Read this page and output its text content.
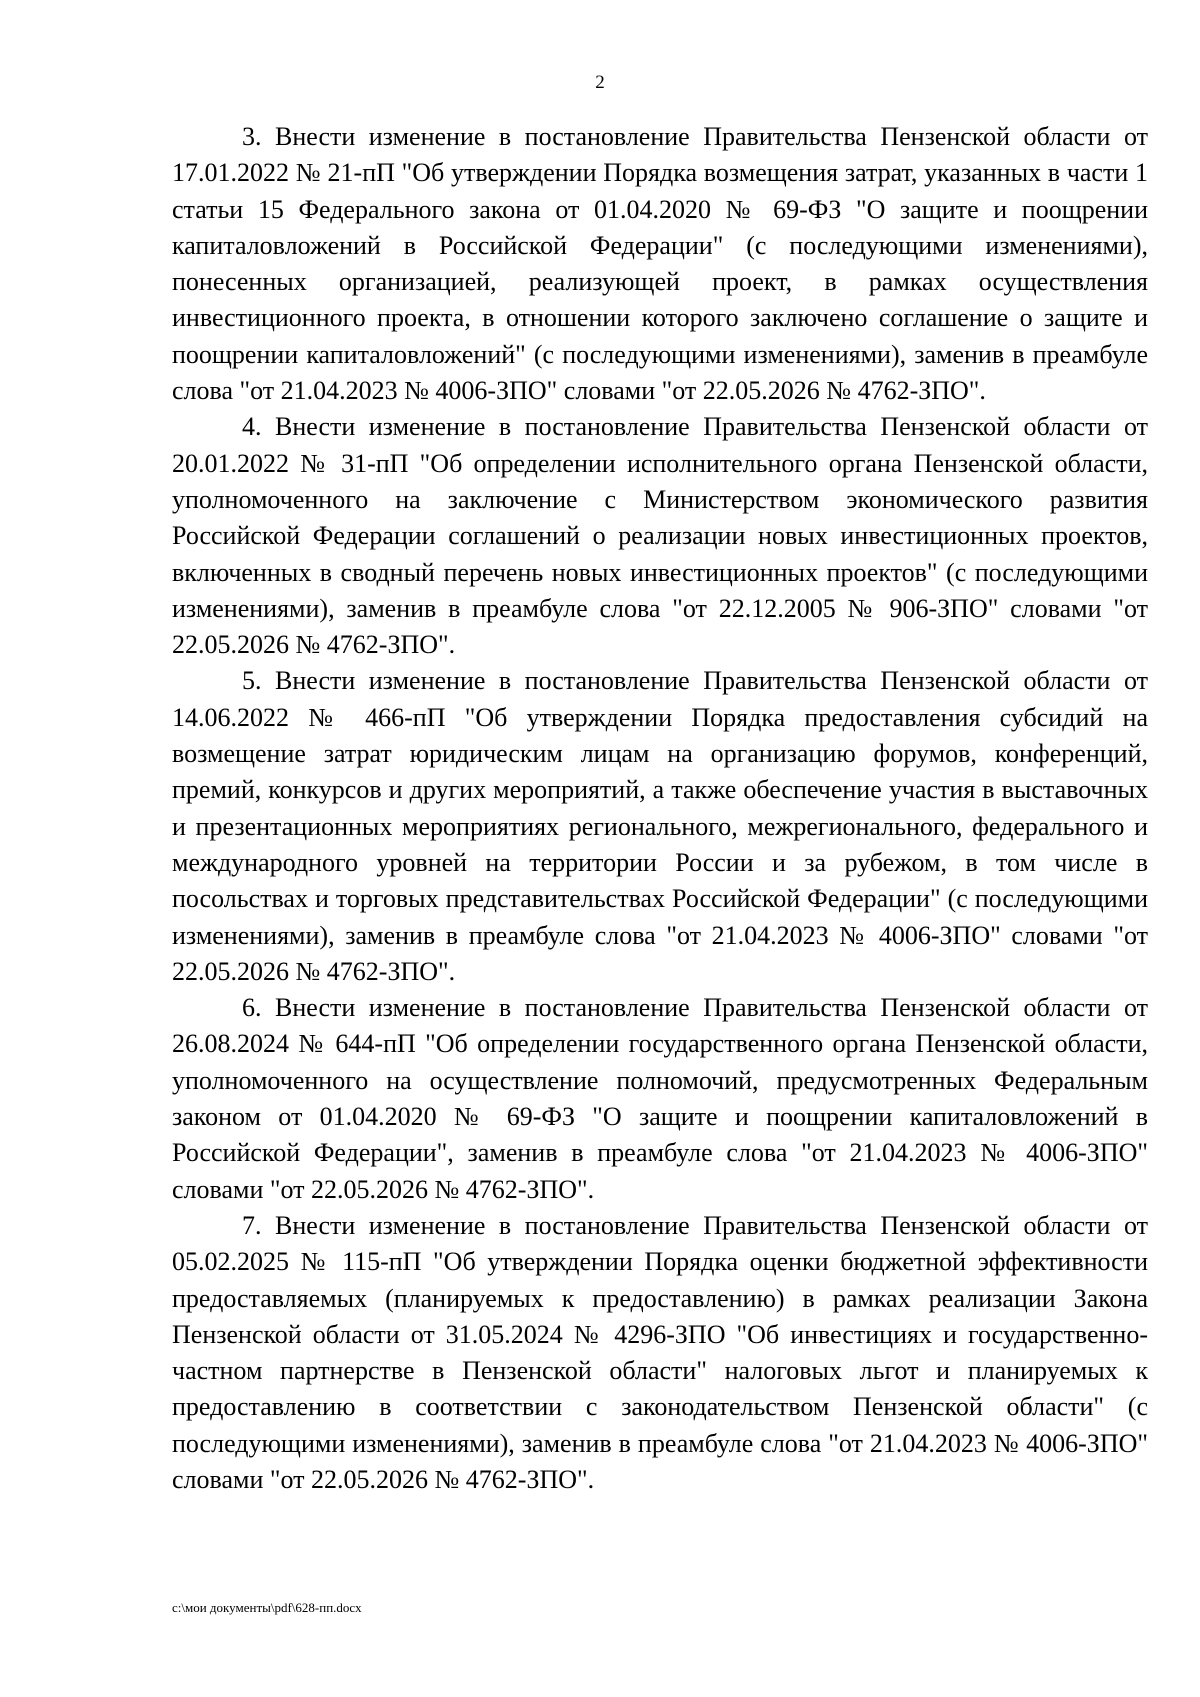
2

3. Внести изменение в постановление Правительства Пензенской области от 17.01.2022 № 21-пП "Об утверждении Порядка возмещения затрат, указанных в части 1 статьи 15 Федерального закона от 01.04.2020 № 69-ФЗ "О защите и поощрении капиталовложений в Российской Федерации" (с последующими изменениями), понесенных организацией, реализующей проект, в рамках осуществления инвестиционного проекта, в отношении которого заключено соглашение о защите и поощрении капиталовложений" (с последующими изменениями), заменив в преамбуле слова "от 21.04.2023 № 4006-ЗПО" словами "от 22.05.2026 № 4762-ЗПО".

4. Внести изменение в постановление Правительства Пензенской области от 20.01.2022 № 31-пП "Об определении исполнительного органа Пензенской области, уполномоченного на заключение с Министерством экономического развития Российской Федерации соглашений о реализации новых инвестиционных проектов, включенных в сводный перечень новых инвестиционных проектов" (с последующими изменениями), заменив в преамбуле слова "от 22.12.2005 № 906-ЗПО" словами "от 22.05.2026 № 4762-ЗПО".

5. Внести изменение в постановление Правительства Пензенской области от 14.06.2022 № 466-пП "Об утверждении Порядка предоставления субсидий на возмещение затрат юридическим лицам на организацию форумов, конференций, премий, конкурсов и других мероприятий, а также обеспечение участия в выставочных и презентационных мероприятиях регионального, межрегионального, федерального и международного уровней на территории России и за рубежом, в том числе в посольствах и торговых представительствах Российской Федерации" (с последующими изменениями), заменив в преамбуле слова "от 21.04.2023 № 4006-ЗПО" словами "от 22.05.2026 № 4762-ЗПО".

6. Внести изменение в постановление Правительства Пензенской области от 26.08.2024 № 644-пП "Об определении государственного органа Пензенской области, уполномоченного на осуществление полномочий, предусмотренных Федеральным законом от 01.04.2020 № 69-ФЗ "О защите и поощрении капиталовложений в Российской Федерации", заменив в преамбуле слова "от 21.04.2023 № 4006-ЗПО" словами "от 22.05.2026 № 4762-ЗПО".

7. Внести изменение в постановление Правительства Пензенской области от 05.02.2025 № 115-пП "Об утверждении Порядка оценки бюджетной эффективности предоставляемых (планируемых к предоставлению) в рамках реализации Закона Пензенской области от 31.05.2024 № 4296-ЗПО "Об инвестициях и государственно-частном партнерстве в Пензенской области" налоговых льгот и планируемых к предоставлению в соответствии с законодательством Пензенской области" (с последующими изменениями), заменив в преамбуле слова "от 21.04.2023 № 4006-ЗПО" словами "от 22.05.2026 № 4762-ЗПО".

c:\мои документы\pdf\628-пп.docx
